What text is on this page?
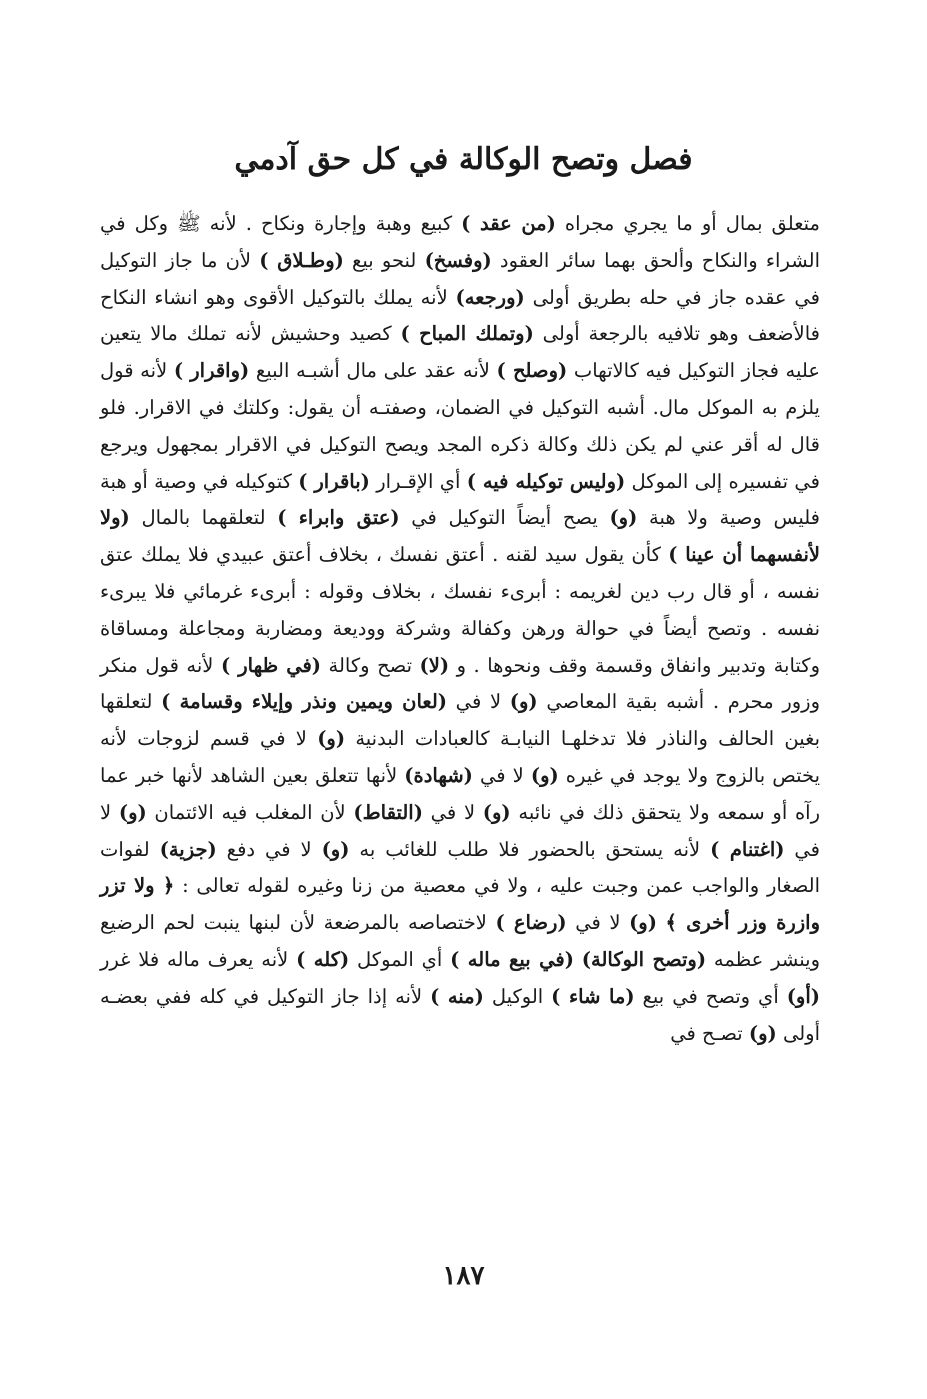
فصل وتصح الوكالة في كل حق آدمي

متعلق بمال أو ما يجري مجراه (من عقد ) كبيع وهبة وإجارة ونكاح . لأنه ﷺ وكل في الشراء والنكاح وألحق بهما سائر العقود (وفسخ) لنحو بيع (وطـلاق ) لأن ما جاز التوكيل في عقده جاز في حله بطريق أولى (ورجعه) لأنه يملك بالتوكيل الأقوى وهو انشاء النكاح فالأضعف وهو تلافيه بالرجعة أولى (وتملك المباح ) كصيد وحشيش لأنه تملك مالا يتعين عليه فجاز التوكيل فيه كالاتهاب (وصلح ) لأنه عقد على مال أشبـه البيع (واقرار ) لأنه قول يلزم به الموكل مال. أشبه التوكيل في الضمان، وصفتـه أن يقول: وكلتك في الاقرار. فلو قال له أقر عني لم يكن ذلك وكالة ذكره المجد ويصح التوكيل في الاقرار بمجهول ويرجع في تفسيره إلى الموكل (وليس توكيله فيه ) أي الإقـرار (باقرار ) كتوكيله في وصية أو هبة فليس وصية ولا هبة (و) يصح أيضاً التوكيل في (عتق وابراء ) لتعلقهما بالمال (ولا لأنفسهما أن عينا ) كأن يقول سيد لقنه . أعتق نفسك ، بخلاف أعتق عبيدي فلا يملك عتق نفسه ، أو قال رب دين لغريمه : أبرىء نفسك ، بخلاف وقوله : أبرىء غرمائي فلا يبرىء نفسه . وتصح أيضاً في حوالة ورهن وكفالة وشركة ووديعة ومضاربة ومجاعلة ومساقاة وكتابة وتدبير وانفاق وقسمة وقف ونحوها . و (لا) تصح وكالة (في ظهار ) لأنه قول منكر وزور محرم . أشبه بقية المعاصي (و) لا في (لعان ويمين ونذر وإيلاء وقسامة ) لتعلقها بغين الحالف والناذر فلا تدخلهـا النيابـة كالعبادات البدنية (و) لا في قسم لزوجات لأنه يختص بالزوج ولا يوجد في غيره (و) لا في (شهادة) لأنها تتعلق بعين الشاهد لأنها خبر عما رآه أو سمعه ولا يتحقق ذلك في نائبه (و) لا في (التقاط) لأن المغلب فيه الائتمان (و) لا في (اغتنام ) لأنه يستحق بالحضور فلا طلب للغائب به (و) لا في دفع (جزية) لفوات الصغار والواجب عمن وجبت عليه ، ولا في معصية من زنا وغيره لقوله تعالى : ﴿ ولا تزر وازرة وزر أخرى ﴾ (و) لا في (رضاع ) لاختصاصه بالمرضعة لأن لبنها ينبت لحم الرضيع وينشر عظمه (وتصح الوكالة) (في بيع ماله ) أي الموكل (كله ) لأنه يعرف ماله فلا غرر (أو) أي وتصح في بيع (ما شاء ) الوكيل (منه ) لأنه إذا جاز التوكيل في كله ففي بعضـه أولى (و) تصـح في

١٨٧
